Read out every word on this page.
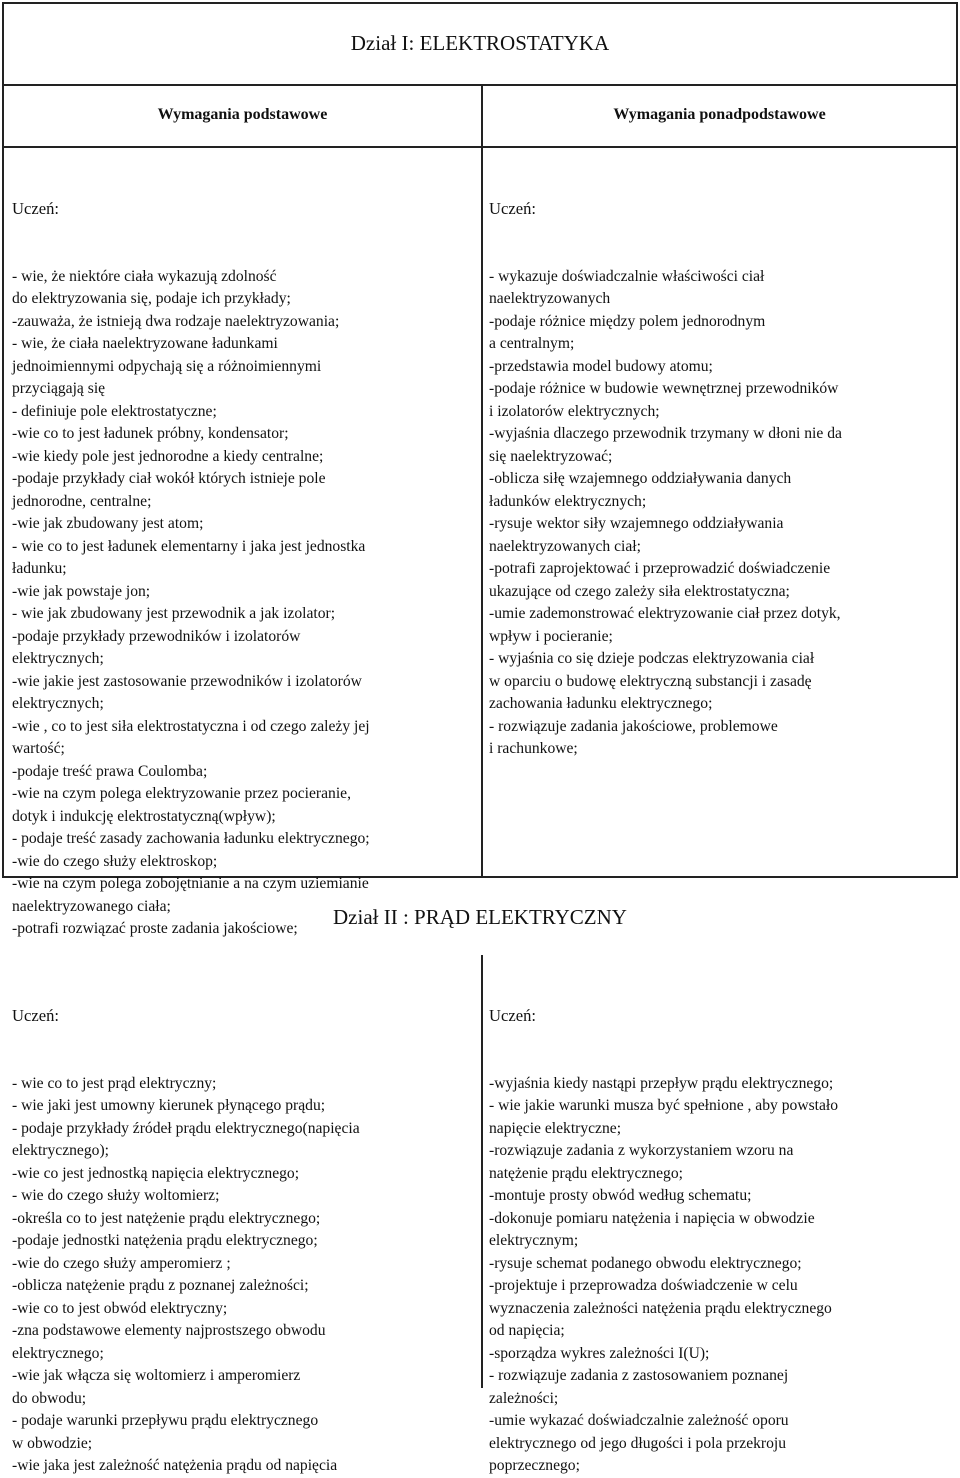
Dział I: ELEKTROSTATYKA
Wymagania podstawowe	Wymagania ponadpodstawowe

Uczeń:

- wie, że niektóre ciała wykazują zdolność
do elektryzowania się, podaje ich przykłady;
-zauważa, że istnieją dwa rodzaje naelektryzowania;
- wie, że ciała naelektryzowane ładunkami
jednoimiennymi odpychają się a różnoimiennymi
przyciągają się
- definiuje pole elektrostatyczne;
-wie co to jest ładunek próbny, kondensator;
-wie kiedy pole jest jednorodne a kiedy centralne;
-podaje przykłady ciał wokół których istnieje pole
jednorodne, centralne;
-wie jak zbudowany jest atom;
- wie co to jest ładunek elementarny i jaka jest jednostka
ładunku;
-wie jak powstaje jon;
- wie jak zbudowany jest przewodnik a jak izolator;
-podaje przykłady przewodników i izolatorów
elektrycznych;
-wie jakie jest zastosowanie przewodników i izolatorów
elektrycznych;
-wie , co to jest siła elektrostatyczna i od czego zależy jej
wartość;
-podaje treść prawa Coulomba;
-wie na czym polega elektryzowanie przez pocieranie,
dotyk i indukcję elektrostatyczną(wpływ);
- podaje treść zasady zachowania ładunku elektrycznego;
-wie do czego służy elektroskop;
-wie na czym polega zobojętnianie a na czym uziemianie
naelektryzowanego ciała;
-potrafi rozwiązać proste zadania jakościowe;

Uczeń:

- wykazuje doświadczalnie właściwości ciał
naelektryzowanych
-podaje różnice między polem jednorodnym
a centralnym;
-przedstawia model budowy atomu;
-podaje różnice w budowie wewnętrznej przewodników
i izolatorów elektrycznych;
-wyjaśnia dlaczego przewodnik trzymany w dłoni nie da
się naelektryzować;
-oblicza siłę wzajemnego oddziaływania danych
ładunków elektrycznych;
-rysuje wektor siły wzajemnego oddziaływania
naelektryzowanych ciał;
-potrafi zaprojektować i przeprowadzić doświadczenie
ukazujące od czego zależy siła elektrostatyczna;
-umie zademonstrować elektryzowanie ciał przez dotyk,
wpływ i pocieranie;
- wyjaśnia co się dzieje podczas elektryzowania ciał
w oparciu o budowę elektryczną substancji i zasadę
zachowania ładunku elektrycznego;
- rozwiązuje zadania jakościowe, problemowe
i rachunkowe;

Dział II : PRĄD ELEKTRYCZNY

Uczeń:

- wie co to jest prąd elektryczny;
- wie jaki jest umowny kierunek płynącego prądu;
- podaje przykłady źródeł prądu elektrycznego(napięcia
elektrycznego);
-wie co jest jednostką napięcia elektrycznego;
- wie do czego służy woltomierz;
-określa co to jest natężenie prądu elektrycznego;
-podaje jednostki natężenia prądu elektrycznego;
-wie do czego służy amperomierz ;
-oblicza natężenie prądu z poznanej zależności;
-wie co to jest obwód elektryczny;
-zna podstawowe elementy najprostszego obwodu
elektrycznego;
-wie jak włącza się woltomierz i amperomierz
do obwodu;
- podaje warunki przepływu prądu elektrycznego
w obwodzie;
-wie jaka jest zależność natężenia prądu od napięcia

Uczeń:

-wyjaśnia kiedy nastąpi przepływ prądu elektrycznego;
- wie jakie warunki musza być spełnione , aby powstało
napięcie elektryczne;
-rozwiązuje zadania z wykorzystaniem wzoru na
natężenie prądu elektrycznego;
-montuje prosty obwód według schematu;
-dokonuje pomiaru natężenia i napięcia w obwodzie
elektrycznym;
-rysuje schemat podanego obwodu elektrycznego;
-projektuje i przeprowadza doświadczenie w celu
wyznaczenia zależności natężenia prądu elektrycznego
od napięcia;
-sporządza wykres zależności I(U);
- rozwiązuje zadania z zastosowaniem poznanej
zależności;
-umie wykazać doświadczalnie zależność oporu
elektrycznego od jego długości i pola przekroju
poprzecznego;
